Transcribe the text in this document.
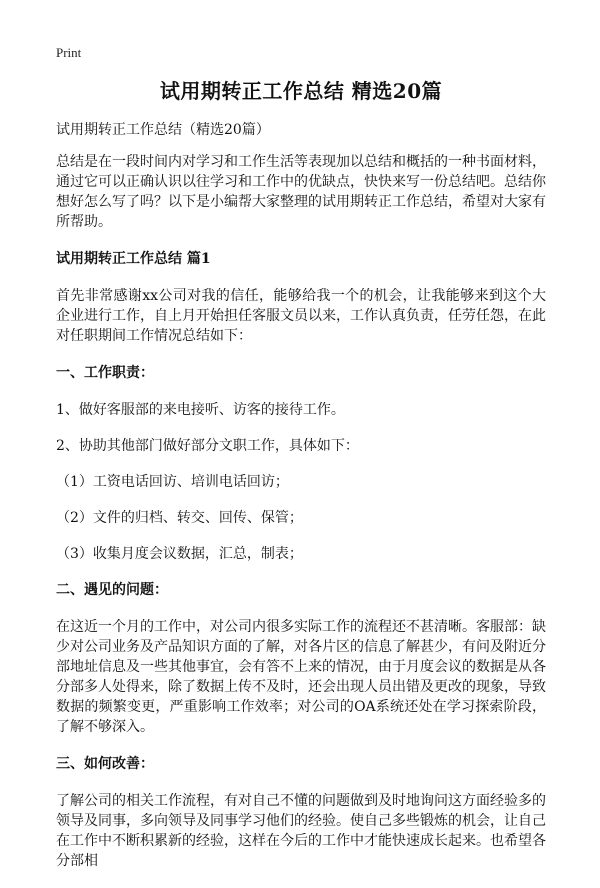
Print
试用期转正工作总结 精选20篇
试用期转正工作总结（精选20篇）

总结是在一段时间内对学习和工作生活等表现加以总结和概括的一种书面材料，通过它可以正确认识以往学习和工作中的优缺点，快快来写一份总结吧。总结你想好怎么写了吗？以下是小编帮大家整理的试用期转正工作总结，希望对大家有所帮助。

试用期转正工作总结 篇1

首先非常感谢xx公司对我的信任，能够给我一个的机会，让我能够来到这个大企业进行工作，自上月开始担任客服文员以来，工作认真负责，任劳任怨，在此对任职期间工作情况总结如下：

一、工作职责：
1、做好客服部的来电接听、访客的接待工作。
2、协助其他部门做好部分文职工作，具体如下：
（1）工资电话回访、培训电话回访；
（2）文件的归档、转交、回传、保管；
（3）收集月度会议数据，汇总，制表；
二、遇见的问题：

在这近一个月的工作中，对公司内很多实际工作的流程还不甚清晰。客服部：缺少对公司业务及产品知识方面的了解，对各片区的信息了解甚少，有问及附近分部地址信息及一些其他事宜，会有答不上来的情况，由于月度会议的数据是从各分部多人处得来，除了数据上传不及时，还会出现人员出错及更改的现象，导致数据的频繁变更，严重影响工作效率；对公司的OA系统还处在学习探索阶段，了解不够深入。

三、如何改善：

了解公司的相关工作流程，有对自己不懂的问题做到及时地询问这方面经验多的领导及同事，多向领导及同事学习他们的经验。使自己多些锻炼的机会，让自己在工作中不断积累新的经验，这样在今后的工作中才能快速成长起来。也希望各分部相
